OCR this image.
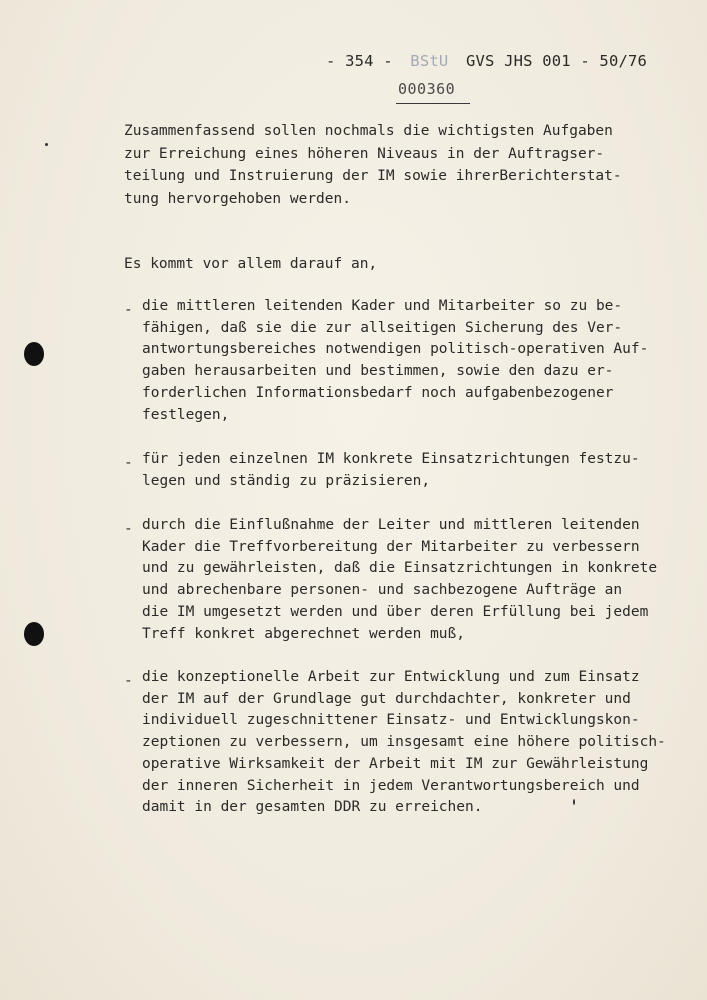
- 354 - BStU GVS JHS 001 - 50/76
000360
Zusammenfassend sollen nochmals die wichtigsten Aufgaben
zur Erreichung eines höheren Niveaus in der Auftragser-
teilung und Instruierung der IM sowie ihrerBerichterstat-
tung hervorgehoben werden.
Es kommt vor allem darauf an,
- die mittleren leitenden Kader und Mitarbeiter so zu be-
fähigen, daß sie die zur allseitigen Sicherung des Ver-
antwortungsbereiches notwendigen politisch-operativen Auf-
gaben herausarbeiten und bestimmen, sowie den dazu er-
forderlichen Informationsbedarf noch aufgabenbezogener
festlegen,
- für jeden einzelnen IM konkrete Einsatzrichtungen festzu-
legen und ständig zu präzisieren,
- durch die Einflußnahme der Leiter und mittleren leitenden
Kader die Treffvorbereitung der Mitarbeiter zu verbessern
und zu gewährleisten, daß die Einsatzrichtungen in konkrete
und abrechenbare personen- und sachbezogene Aufträge an
die IM umgesetzt werden und über deren Erfüllung bei jedem
Treff konkret abgerechnet werden muß,
- die konzeptionelle Arbeit zur Entwicklung und zum Einsatz
der IM auf der Grundlage gut durchdachter, konkreter und
individuell zugeschnittener Einsatz- und Entwicklungskon-
zeptionen zu verbessern, um insgesamt eine höhere politisch-
operative Wirksamkeit der Arbeit mit IM zur Gewährleistung
der inneren Sicherheit in jedem Verantwortungsbereich und
damit in der gesamten DDR zu erreichen.
